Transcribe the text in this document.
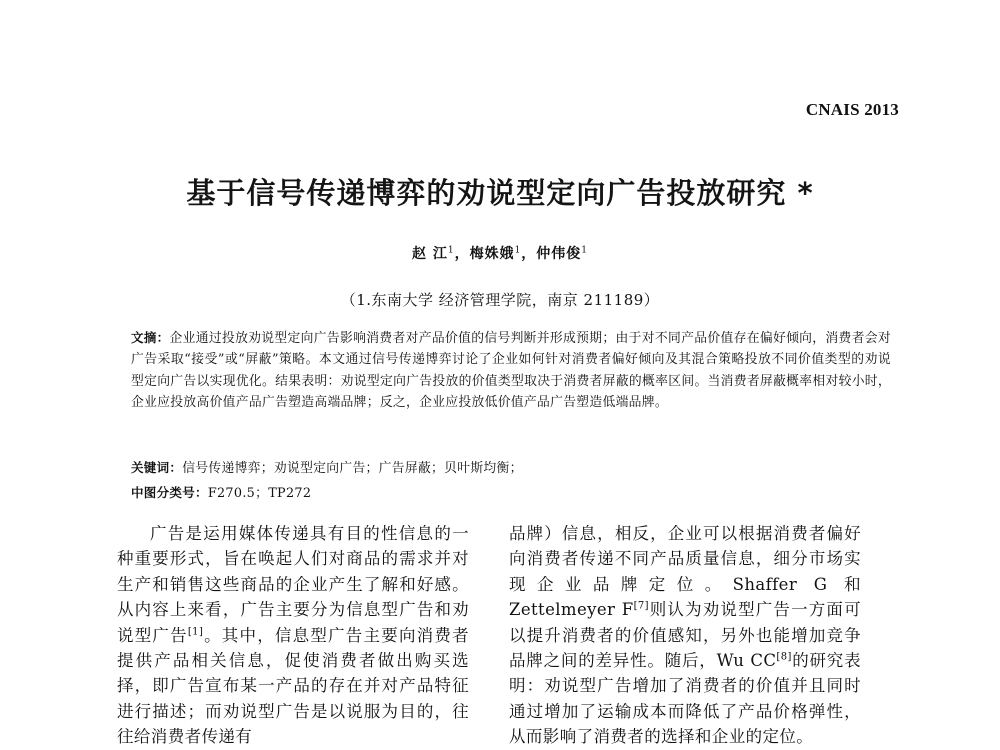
CNAIS 2013
基于信号传递博弈的劝说型定向广告投放研究 *
赵 江$^1$，梅姝娥$^1$，仲伟俊$^1$
（1.东南大学 经济管理学院，南京 211189）
文摘：企业通过投放劝说型定向广告影响消费者对产品价值的信号判断并形成预期；由于对不同产品价值存在偏好倾向，消费者会对广告采取“接受”或“屏蔽”策略。本文通过信号传递博弈讨论了企业如何针对消费者偏好倾向及其混合策略投放不同价值类型的劝说型定向广告以实现优化。结果表明：劝说型定向广告投放的价值类型取决于消费者屏蔽的概率区间。当消费者屏蔽概率相对较小时，企业应投放高价值产品广告塑造高端品牌；反之，企业应投放低价值产品广告塑造低端品牌。
关键词：信号传递博弈；劝说型定向广告；广告屏蔽；贝叶斯均衡；
中图分类号：F270.5；TP272
广告是运用媒体传递具有目的性信息的一种重要形式，旨在唤起人们对商品的需求并对生产和销售这些商品的企业产生了解和好感。从内容上来看，广告主要分为信息型广告和劝说型广告[1]。其中，信息型广告主要向消费者提供产品相关信息，促使消费者做出购买选择，即广告宣布某一产品的存在并对产品特征进行描述；而劝说型广告是以说服为目的，往往给消费者传递有
品牌）信息，相反，企业可以根据消费者偏好向消费者传递不同产品质量信息，细分市场实现企业品牌定位。Shaffer G 和 Zettelmeyer F[7]则认为劝说型广告一方面可以提升消费者的价值感知，另外也能增加竞争品牌之间的差异性。随后，Wu CC[8]的研究表明：劝说型广告增加了消费者的价值并且同时通过增加了运输成本而降低了产品价格弹性，从而影响了消费者的选择和企业的定位。
